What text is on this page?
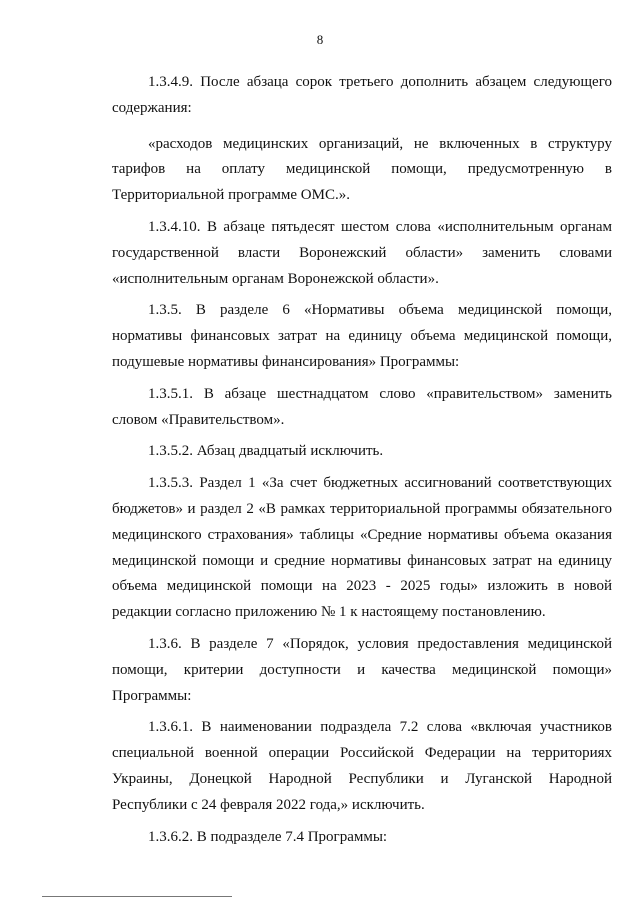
8

1.3.4.9. После абзаца сорок третьего дополнить абзацем следующего содержания:

«расходов медицинских организаций, не включенных в структуру тарифов на оплату медицинской помощи, предусмотренную в Территориальной программе ОМС.».

1.3.4.10. В абзаце пятьдесят шестом слова «исполнительным органам государственной власти Воронежский области» заменить словами «исполнительным органам Воронежской области».

1.3.5. В разделе 6 «Нормативы объема медицинской помощи, нормативы финансовых затрат на единицу объема медицинской помощи, подушевые нормативы финансирования» Программы:

1.3.5.1. В абзаце шестнадцатом слово «правительством» заменить словом «Правительством».

1.3.5.2. Абзац двадцатый исключить.

1.3.5.3. Раздел 1 «За счет бюджетных ассигнований соответствующих бюджетов» и раздел 2 «В рамках территориальной программы обязательного медицинского страхования» таблицы «Средние нормативы объема оказания медицинской помощи и средние нормативы финансовых затрат на единицу объема медицинской помощи на 2023 - 2025 годы» изложить в новой редакции согласно приложению № 1 к настоящему постановлению.

1.3.6. В разделе 7 «Порядок, условия предоставления медицинской помощи, критерии доступности и качества медицинской помощи» Программы:

1.3.6.1. В наименовании подраздела 7.2 слова «включая участников специальной военной операции Российской Федерации на территориях Украины, Донецкой Народной Республики и Луганской Народной Республики с 24 февраля 2022 года,» исключить.

1.3.6.2. В подразделе 7.4 Программы:
